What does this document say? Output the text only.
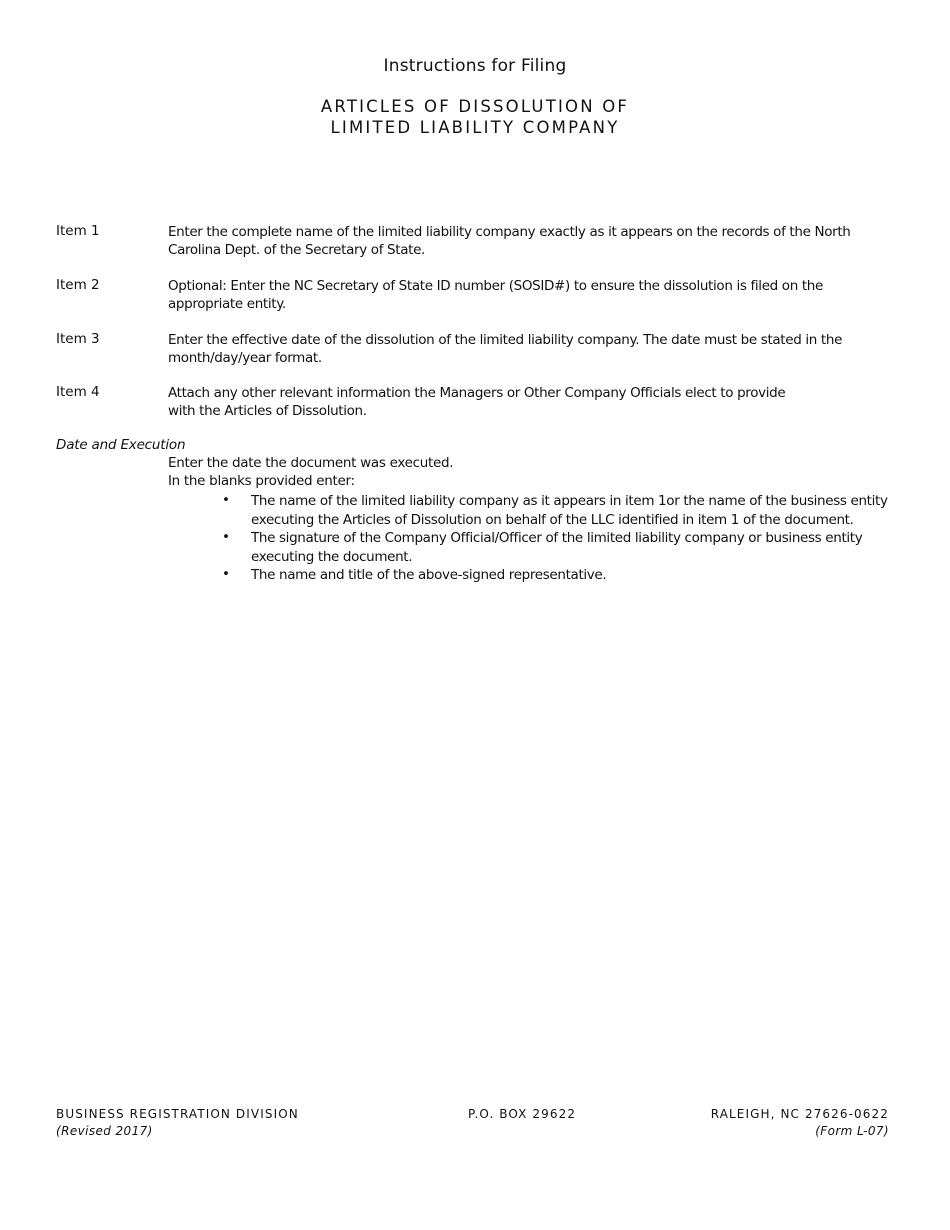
Instructions for Filing
ARTICLES OF DISSOLUTION OF
LIMITED LIABILITY COMPANY
Item 1	Enter the complete name of the limited liability company exactly as it appears on the records of the North Carolina Dept. of the Secretary of State.
Item 2	Optional: Enter the NC Secretary of State ID number (SOSID#) to ensure the dissolution is filed on the appropriate entity.
Item 3	Enter the effective date of the dissolution of the limited liability company. The date must be stated in the month/day/year format.
Item 4	Attach any other relevant information the Managers or Other Company Officials elect to provide
with the Articles of Dissolution.
Date and Execution
Enter the date the document was executed.
In the blanks provided enter:
• The name of the limited liability company as it appears in item 1or the name of the business entity executing the Articles of Dissolution on behalf of the LLC identified in item 1 of the document.
• The signature of the Company Official/Officer of the limited liability company or business entity executing the document.
• The name and title of the above-signed representative.
BUSINESS REGISTRATION DIVISION
(Revised 2017)
P.O. BOX 29622	RALEIGH, NC 27626-0622
(Form L-07)
